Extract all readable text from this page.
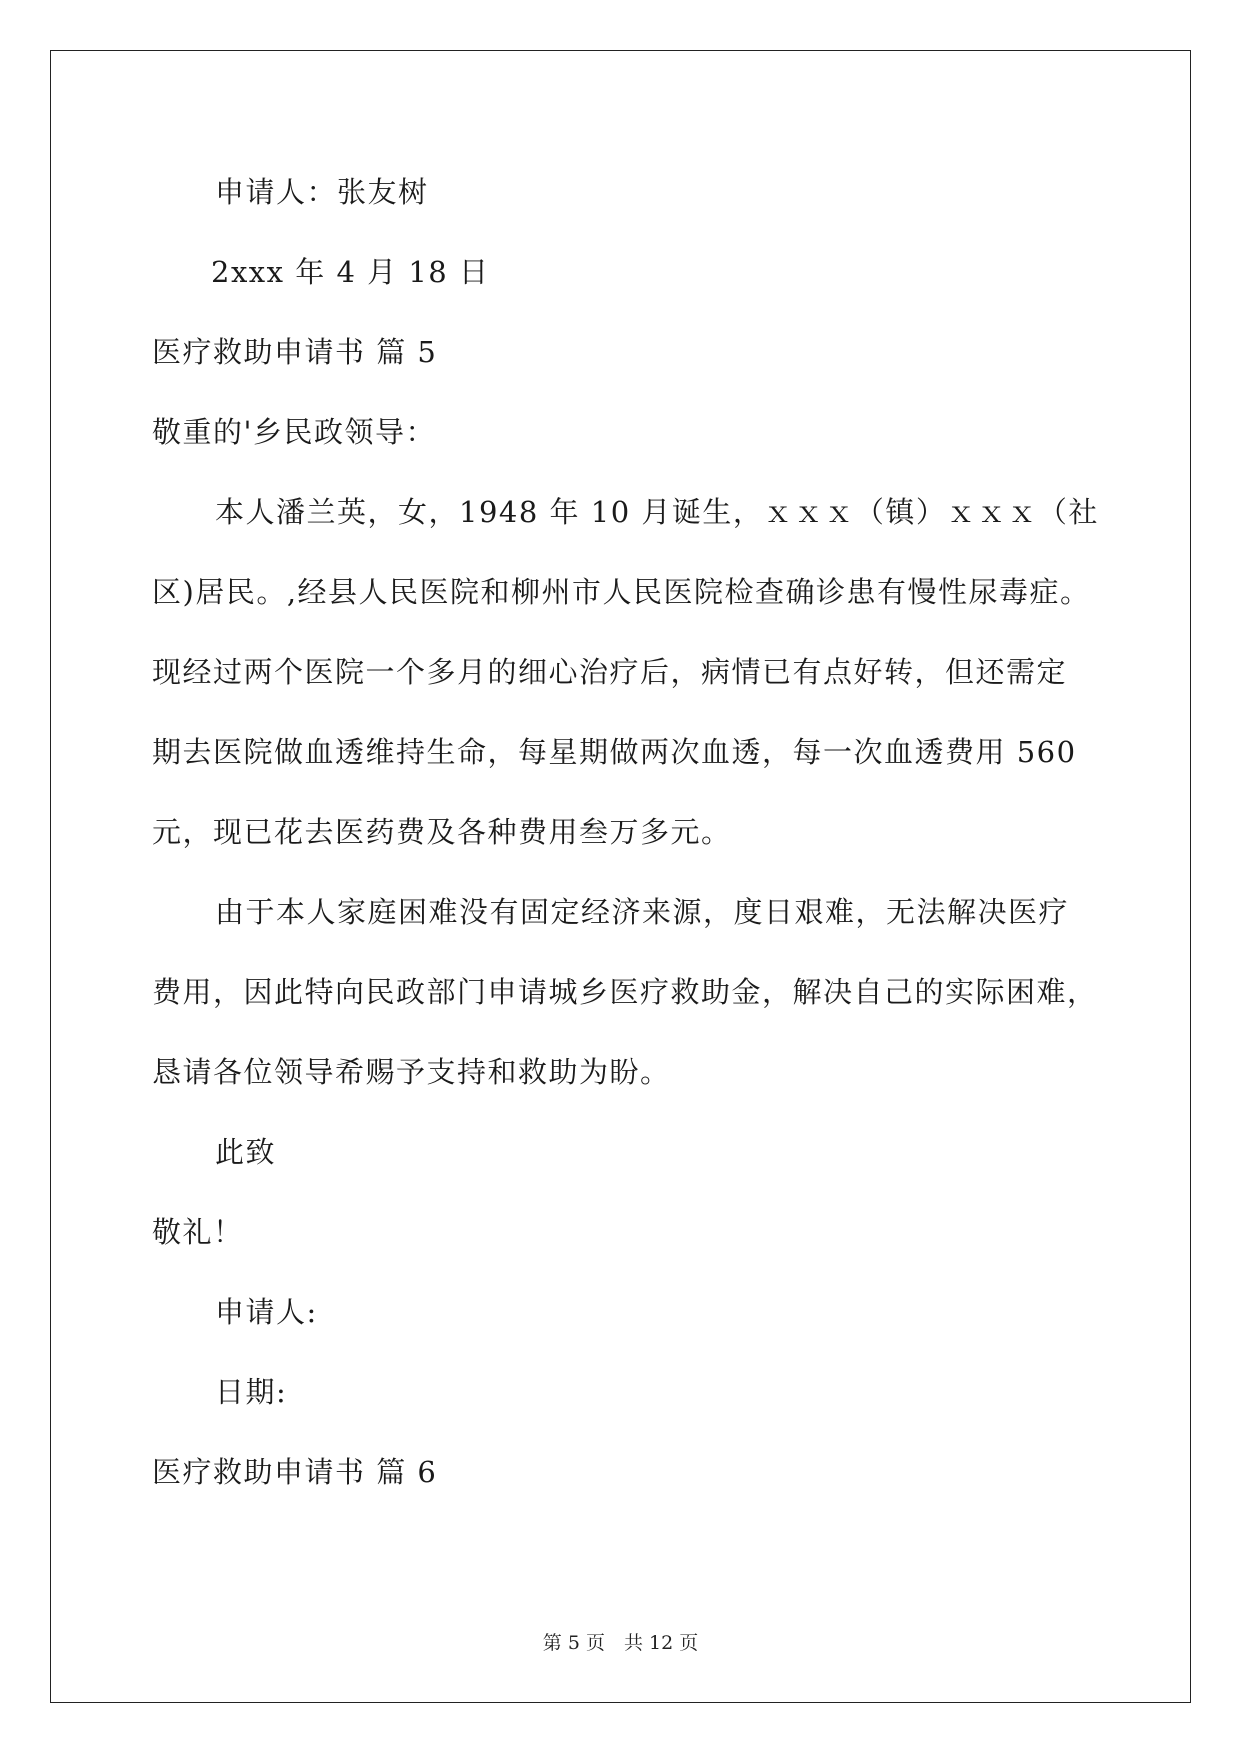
申请人：张友树
2xxx 年 4 月 18 日
医疗救助申请书 篇 5
敬重的'乡民政领导：
本人潘兰英，女，1948 年 10 月诞生，ｘｘｘ（镇）ｘｘｘ（社
区)居民。,经县人民医院和柳州市人民医院检查确诊患有慢性尿毒症。
现经过两个医院一个多月的细心治疗后，病情已有点好转，但还需定
期去医院做血透维持生命，每星期做两次血透，每一次血透费用 560
元，现已花去医药费及各种费用叁万多元。
由于本人家庭困难没有固定经济来源，度日艰难，无法解决医疗
费用，因此特向民政部门申请城乡医疗救助金，解决自己的实际困难，
恳请各位领导希赐予支持和救助为盼。
此致
敬礼！
申请人:
日期:
医疗救助申请书 篇 6
第 5 页　共 12 页
